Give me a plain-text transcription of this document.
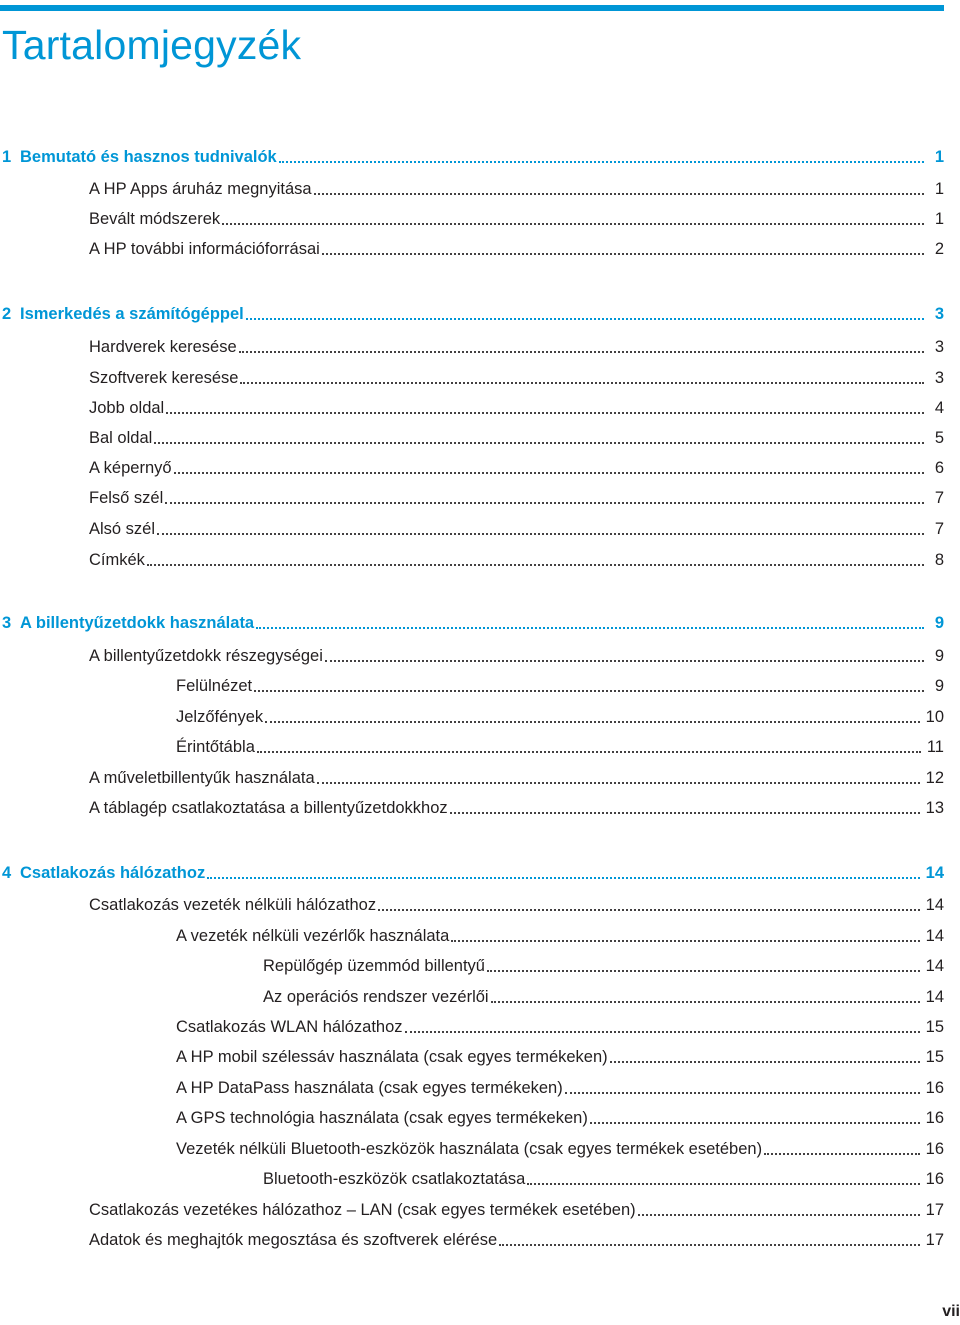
Tartalomjegyzék
1 Bemutató és hasznos tudnivalók	1
A HP Apps áruház megnyitása	1
Bevált módszerek	1
A HP további információforrásai	2
2 Ismerkedés a számítógéppel	3
Hardverek keresése	3
Szoftverek keresése	3
Jobb oldal	4
Bal oldal	5
A képernyő	6
Felső szél	7
Alsó szél	7
Címkék	8
3 A billentyűzetdokk használata	9
A billentyűzetdokk részegységei	9
Felülnézet	9
Jelzőfények	10
Érintőtábla	11
A műveletbillentyűk használata	12
A táblagép csatlakoztatása a billentyűzetdokkhoz	13
4 Csatlakozás hálózathoz	14
Csatlakozás vezeték nélküli hálózathoz	14
A vezeték nélküli vezérlők használata	14
Repülőgép üzemmód billentyű	14
Az operációs rendszer vezérlői	14
Csatlakozás WLAN hálózathoz	15
A HP mobil szélessáv használata (csak egyes termékeken)	15
A HP DataPass használata (csak egyes termékeken)	16
A GPS technológia használata (csak egyes termékeken)	16
Vezeték nélküli Bluetooth-eszközök használata (csak egyes termékek esetében)	16
Bluetooth-eszközök csatlakoztatása	16
Csatlakozás vezetékes hálózathoz – LAN (csak egyes termékek esetében)	17
Adatok és meghajtók megosztása és szoftverek elérése	17
vii
